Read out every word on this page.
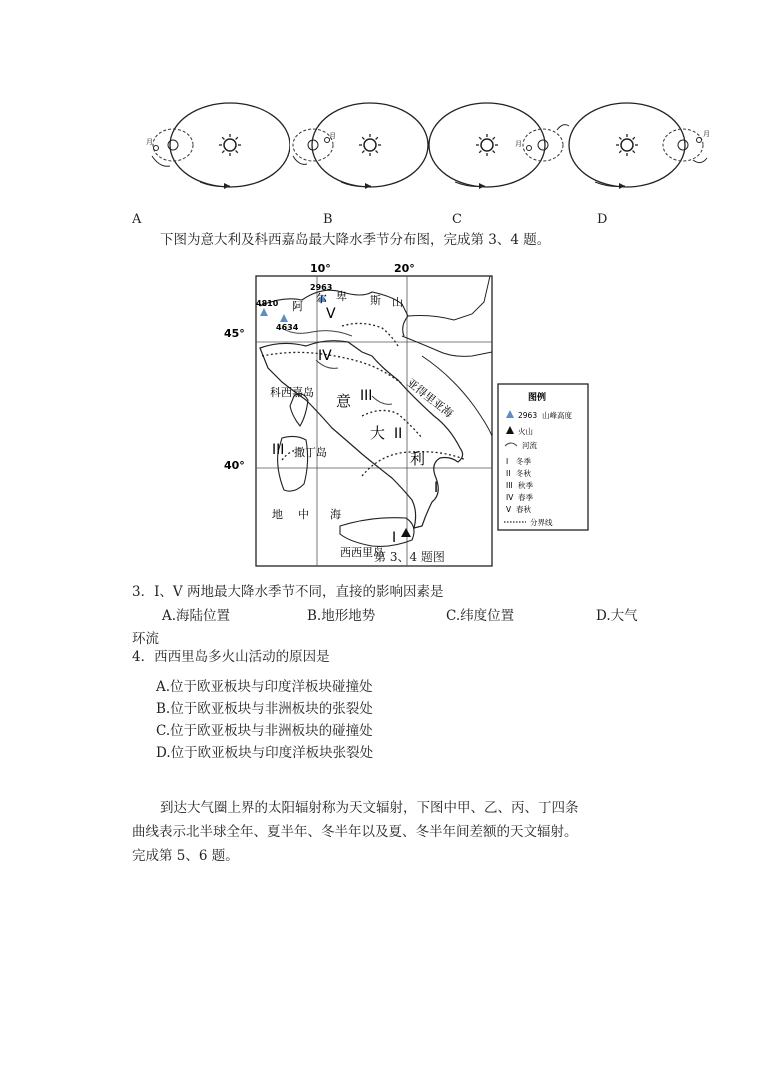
月
月
月
月
A	B	C	D
下图为意大利及科西嘉岛最大降水季节分布图，完成第 3、4 题。
10°	20°
45°
40°
2963
4810
4634
阿
尔 卑 斯 山
科西嘉岛
撒丁岛
意
大
利
亚得里亚海
地 中 海
西西里岛
I
II
III
IV
V
III
I
图例
2963 山峰高度
火山
河流
I 冬季
II 冬秋
III 秋季
IV 春季
V 春秋
分界线
第 3、4 题图
3．I、V 两地最大降水季节不同，直接的影响因素是
A.海陆位置	B.地形地势	C.纬度位置	D.大气
环流
4．西西里岛多火山活动的原因是
A.位于欧亚板块与印度洋板块碰撞处
B.位于欧亚板块与非洲板块的张裂处
C.位于欧亚板块与非洲板块的碰撞处
D.位于欧亚板块与印度洋板块张裂处
到达大气圈上界的太阳辐射称为天文辐射，下图中甲、乙、丙、丁四条
曲线表示北半球全年、夏半年、冬半年以及夏、冬半年间差额的天文辐射。
完成第 5、6 题。
